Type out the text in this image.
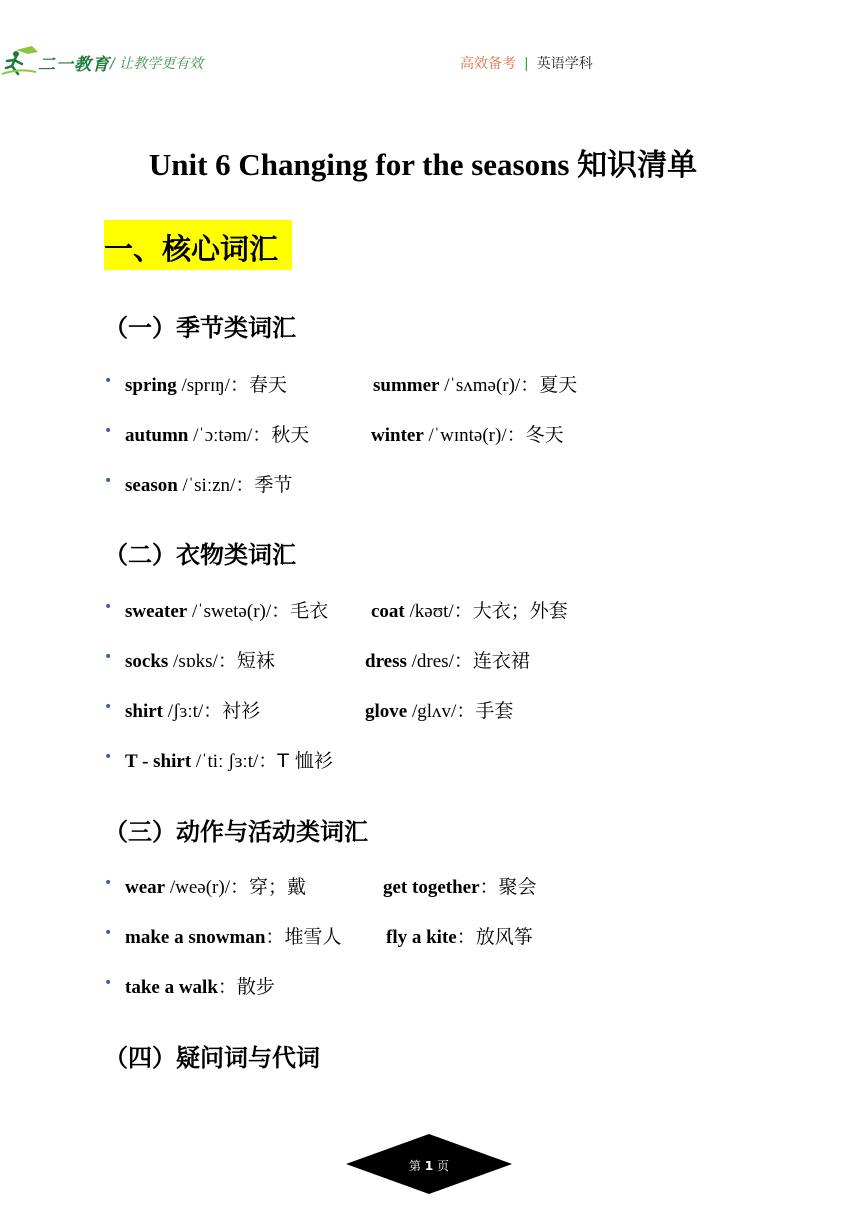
二一教育 / 让教学更有效	高效备考 | 英语学科
Unit 6 Changing for the seasons 知识清单
一、核心词汇
（一）季节类词汇
• spring /sprɪŋ/：春天	summer /ˈsʌmə(r)/：夏天
• autumn /ˈɔːtəm/：秋天	winter /ˈwɪntə(r)/：冬天
• season /ˈsiːzn/：季节
（二）衣物类词汇
• sweater /ˈswetə(r)/：毛衣 coat /kəʊt/：大衣；外套
• socks /sɒks/：短袜	dress /dres/：连衣裙
• shirt /ʃɜːt/：衬衫	glove /glʌv/：手套
• T - shirt /ˈtiː ʃɜːt/：T 恤衫
（三）动作与活动类词汇
• wear /weə(r)/：穿；戴	get together：聚会
• make a snowman：堆雪人 fly a kite：放风筝
• take a walk：散步
（四）疑问词与代词
第 1 页
